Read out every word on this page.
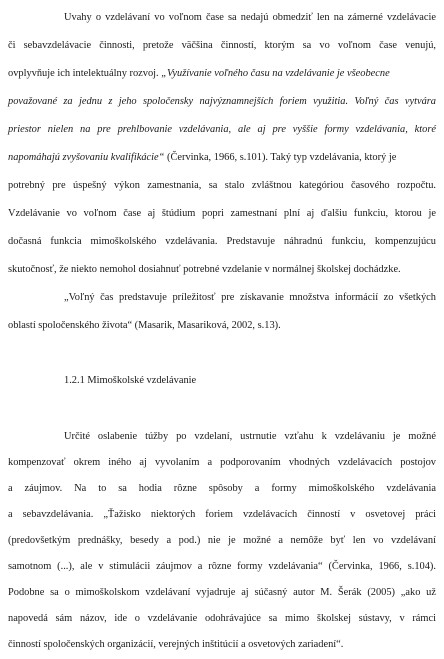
Uvahy o vzdelávaní vo voľnom čase sa nedajú obmedziť len na zámerné vzdelávacie
či sebavzdelávacie činnosti, pretože väčšina činností, ktorým sa vo voľnom čase venujú,
ovplyvňuje ich intelektuálny rozvoj. „Využívanie voľného času na vzdelávanie je všeobecne
považované za jednu z jeho spoločensky najvýznamnejších foriem využitia. Voľný čas vytvára
priestor nielen na pre prehlbovanie vzdelávania, ale aj pre vyššie formy vzdelávania, ktoré
napomáhajú zvyšovaniu kvalifikácie“ (Červinka, 1966, s.101). Taký typ vzdelávania, ktorý je
potrebný pre úspešný výkon zamestnania, sa stalo zvláštnou kategóriou časového rozpočtu.
Vzdelávanie vo voľnom čase aj štúdium popri zamestnaní plní aj ďalšiu funkciu, ktorou je
dočasná funkcia mimoškolského vzdelávania. Predstavuje náhradnú funkciu, kompenzujúcu
skutočnosť, že niekto nemohol dosiahnuť potrebné vzdelanie v normálnej školskej dochádzke.
„Voľný čas predstavuje príležitosť pre získavanie množstva informácií zo všetkých
oblastí spoločenského života“ (Masarik, Masariková, 2002, s.13).
1.2.1 Mimoškolské vzdelávanie
Určité oslabenie túžby po vzdelaní, ustrnutie vzťahu k vzdelávaniu je možné
kompenzovať okrem iného aj vyvolaním a podporovaním vhodných vzdelávacích postojov
a záujmov. Na to sa hodia rôzne spôsoby a formy mimoškolského vzdelávania
a sebavzdelávania. „Ťažisko niektorých foriem vzdelávacích činností v osvetovej práci
(predovšetkým prednášky, besedy a pod.) nie je možné a nemôže byť len vo vzdelávaní
samotnom (...), ale v stimulácii záujmov a rôzne formy vzdelávania“ (Červinka, 1966, s.104).
Podobne sa o mimoškolskom vzdelávaní vyjadruje aj súčasný autor M. Šerák (2005) „ako už
napovedá sám názov, ide o vzdelávanie odohrávajúce sa mimo školskej sústavy, v rámci
činností spoločenských organizácií, verejných inštitúcií a osvetových zariadení“.
